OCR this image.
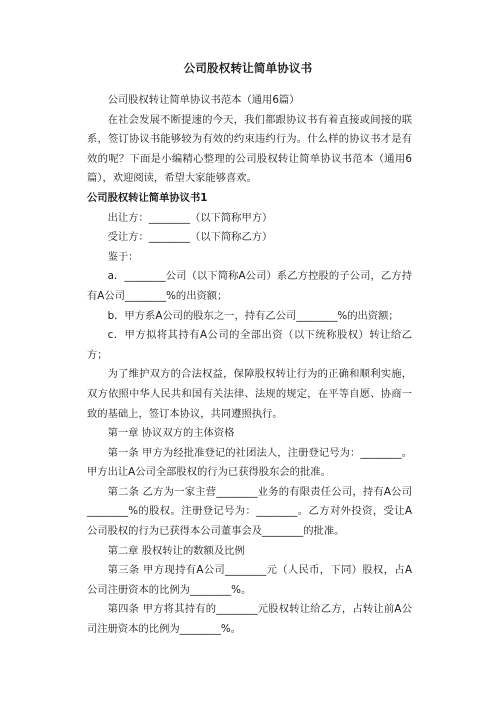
公司股权转让简单协议书

公司股权转让简单协议书范本（通用6篇）

在社会发展不断提速的今天，我们都跟协议书有着直接或间接的联系，签订协议书能够较为有效的约束违约行为。什么样的协议书才是有效的呢？下面是小编精心整理的公司股权转让简单协议书范本（通用6篇），欢迎阅读，希望大家能够喜欢。

公司股权转让简单协议书1

出让方：________（以下简称甲方）

受让方：________（以下简称乙方）

鉴于：

a．________公司（以下简称A公司）系乙方控股的子公司，乙方持有A公司________%的出资额；

b．甲方系A公司的股东之一，持有乙公司________%的出资额；

c．甲方拟将其持有A公司的全部出资（以下统称股权）转让给乙方；

为了维护双方的合法权益，保障股权转让行为的正确和顺利实施，双方依照中华人民共和国有关法律、法规的规定，在平等自愿、协商一致的基础上，签订本协议，共同遵照执行。

第一章 协议双方的主体资格

第一条 甲方为经批准登记的社团法人，注册登记号为：________。甲方出让A公司全部股权的行为已获得股东会的批准。

第二条 乙方为一家主营________业务的有限责任公司，持有A公司________%的股权。注册登记号为：________。乙方对外投资，受让A公司股权的行为已获得本公司董事会及________的批准。

第二章 股权转让的数额及比例

第三条 甲方现持有A公司________元（人民币，下同）股权，占A公司注册资本的比例为________%。

第四条 甲方将其持有的________元股权转让给乙方，占转让前A公司注册资本的比例为________%。
